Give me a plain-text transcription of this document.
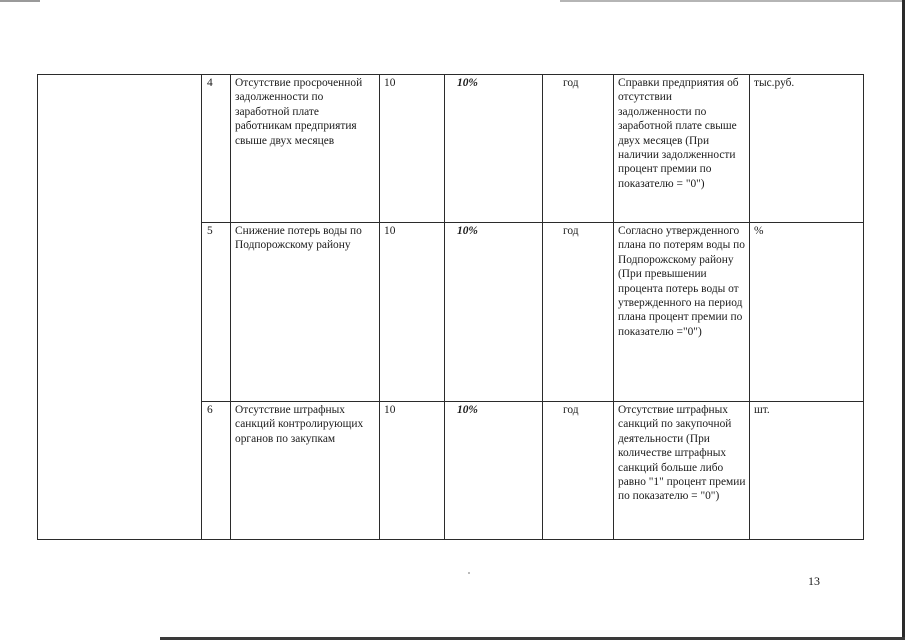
	4	Отсутствие просроченной задолженности по заработной плате работникам предприятия свыше двух месяцев	10	10%	год	Справки предприятия об отсутствии задолженности по заработной плате свыше двух месяцев (При наличии задолженности процент премии по показателю = "0")	тыс.руб.
	5	Снижение потерь воды по Подпорожскому району	10	10%	год	Согласно утвержденного плана по потерям воды по Подпорожскому району (При превышении процента потерь воды от утвержденного на период плана процент премии по показателю ="0")	%
	6	Отсутствие штрафных санкций контролирующих органов по закупкам	10	10%	год	Отсутствие штрафных санкций по закупочной деятельности (При количестве штрафных санкций больше либо равно "1" процент премии по показателю = "0")	шт.
13
